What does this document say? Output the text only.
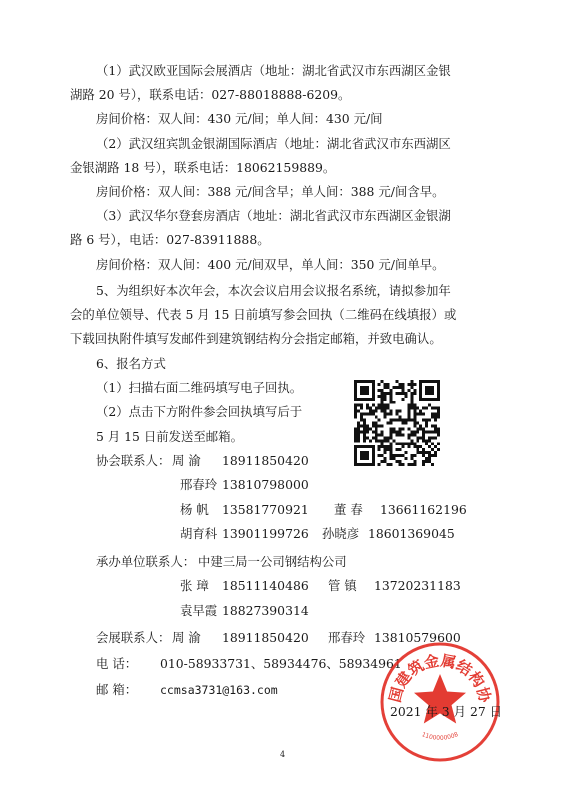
（1）武汉欧亚国际会展酒店（地址：湖北省武汉市东西湖区金银
湖路 20 号），联系电话：027-88018888-6209。
房间价格：双人间：430 元/间；单人间：430 元/间
（2）武汉纽宾凯金银湖国际酒店（地址：湖北省武汉市东西湖区
金银湖路 18 号），联系电话：18062159889。
房间价格：双人间：388 元/间含早；单人间：388 元/间含早。
（3）武汉华尔登套房酒店（地址：湖北省武汉市东西湖区金银湖
路 6 号），电话：027-83911888。
房间价格：双人间：400 元/间双早，单人间：350 元/间单早。
5、为组织好本次年会，本次会议启用会议报名系统，请拟参加年
会的单位领导、代表 5 月 15 日前填写参会回执（二维码在线填报）或
下载回执附件填写发邮件到建筑钢结构分会指定邮箱，并致电确认。
6、报名方式
（1）扫描右面二维码填写电子回执。
（2）点击下方附件参会回执填写后于
5 月 15 日前发送至邮箱。
协会联系人： 周 渝 18911850420
邢春玲 13810798000
杨 帆 13581770921 董 春 13661162196
胡育科 13901199726 孙晓彦 18601369045
承办单位联系人： 中建三局一公司钢结构公司
张 璋 18511140486 管 镇 13720231183
袁早霞 18827390314
会展联系人： 周 渝 18911850420 邢春玲 13810579600
电 话： 010-58933731、58934476、58934961
邮 箱： ccmsa3731@163.com	国建筑金属结构协
1100000008
2021 年 3 月 27 日
4
